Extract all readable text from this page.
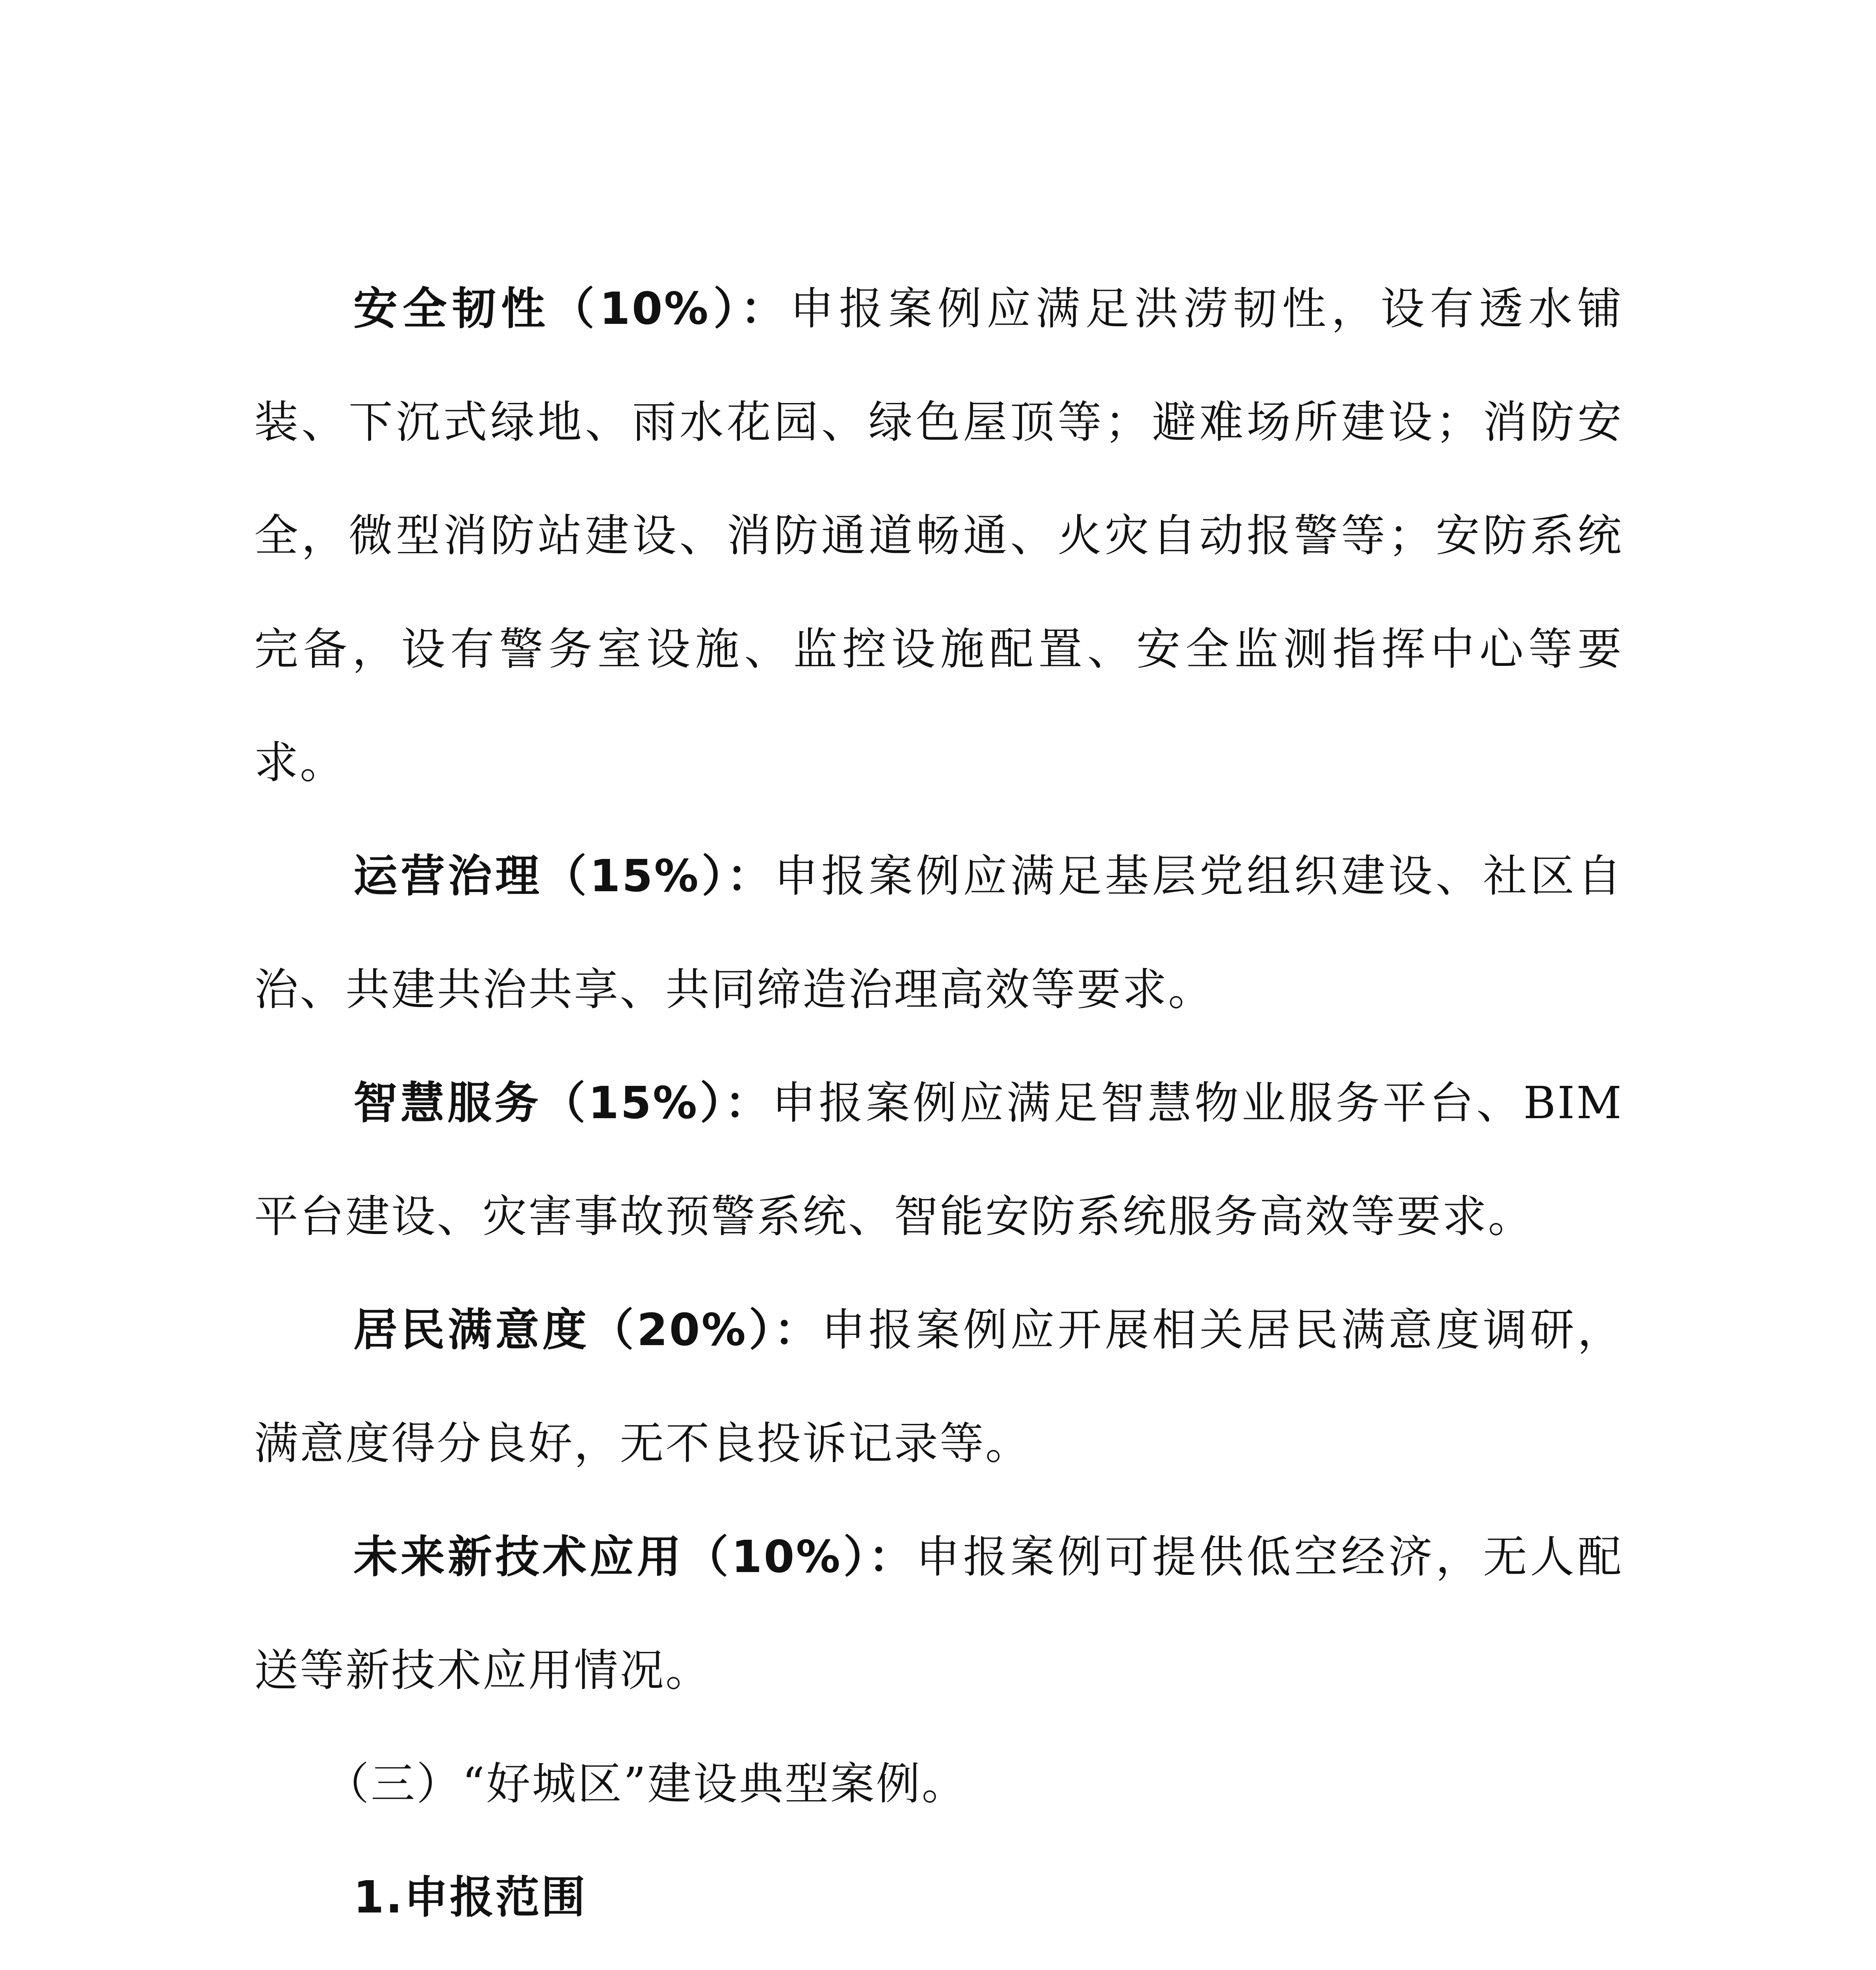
安全韧性（10%）：申报案例应满足洪涝韧性，设有透水铺装、下沉式绿地、雨水花园、绿色屋顶等；避难场所建设；消防安全，微型消防站建设、消防通道畅通、火灾自动报警等；安防系统完备，设有警务室设施、监控设施配置、安全监测指挥中心等要求。

运营治理（15%）：申报案例应满足基层党组织建设、社区自治、共建共治共享、共同缔造治理高效等要求。

智慧服务（15%）：申报案例应满足智慧物业服务平台、BIM平台建设、灾害事故预警系统、智能安防系统服务高效等要求。

居民满意度（20%）：申报案例应开展相关居民满意度调研，满意度得分良好，无不良投诉记录等。

未来新技术应用（10%）：申报案例可提供低空经济，无人配送等新技术应用情况。

（三）“好城区”建设典型案例。

1.申报范围
